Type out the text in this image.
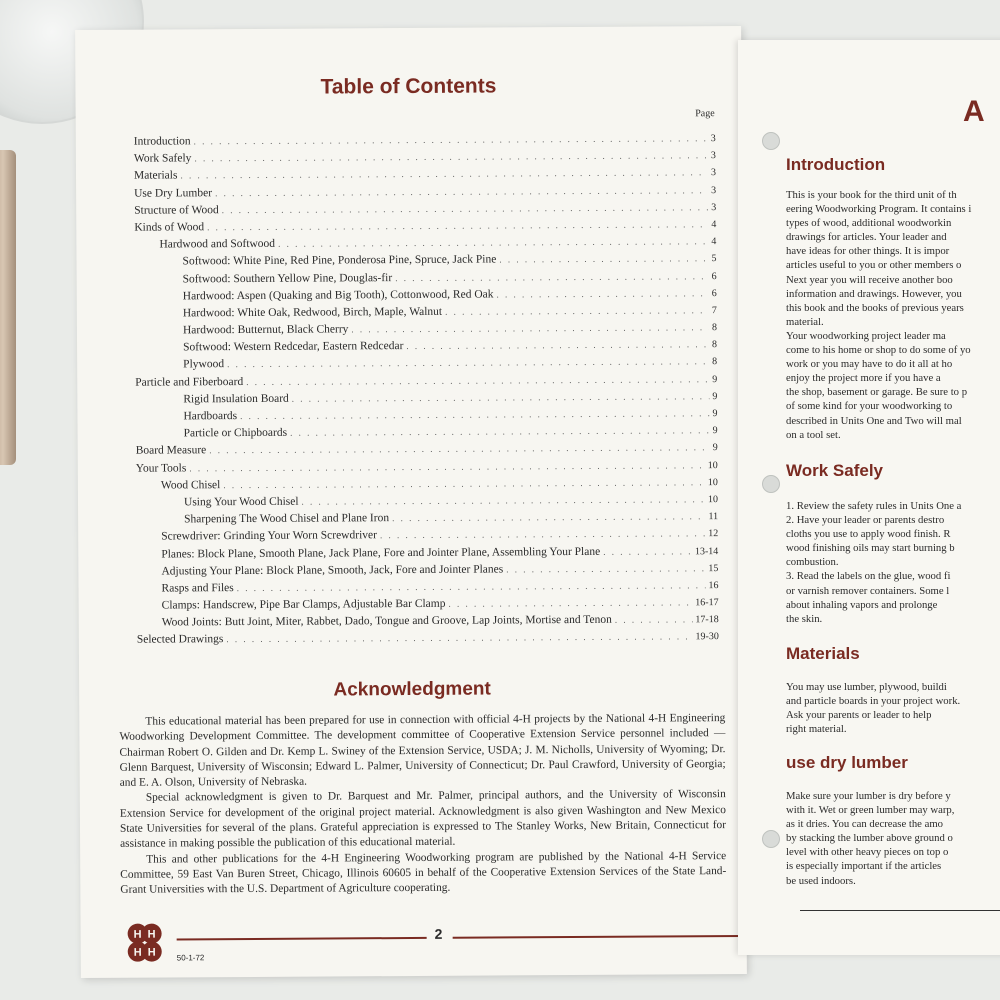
Table of Contents
Page
Introduction . . .	3
Work Safely . . .	3
Materials . . .	3
Use Dry Lumber . . .	3
Structure of Wood . . .	3
Kinds of Wood . . .	4
Hardwood and Softwood . . .	4
Softwood: White Pine, Red Pine, Ponderosa Pine, Spruce, Jack Pine . . .	5
Softwood: Southern Yellow Pine, Douglas-fir . . .	6
Hardwood: Aspen (Quaking and Big Tooth), Cottonwood, Red Oak . . .	6
Hardwood: White Oak, Redwood, Birch, Maple, Walnut . . .	7
Hardwood: Butternut, Black Cherry . . .	8
Softwood: Western Redcedar, Eastern Redcedar . . .	8
Plywood . . .	8
Particle and Fiberboard . . .	9
Rigid Insulation Board . . .	9
Hardboards . . .	9
Particle or Chipboards . . .	9
Board Measure . . .	9
Your Tools . . .	10
Wood Chisel . . .	10
Using Your Wood Chisel . . .	10
Sharpening The Wood Chisel and Plane Iron . . .	11
Screwdriver: Grinding Your Worn Screwdriver . . .	12
Planes: Block Plane, Smooth Plane, Jack Plane, Fore and Jointer Plane, Assembling Your Plane . . .	13-14
Adjusting Your Plane: Block Plane, Smooth, Jack, Fore and Jointer Planes . . .	15
Rasps and Files . . .	16
Clamps: Handscrew, Pipe Bar Clamps, Adjustable Bar Clamp . . .	16-17
Wood Joints: Butt Joint, Miter, Rabbet, Dado, Tongue and Groove, Lap Joints, Mortise and Tenon . . .	17-18
Selected Drawings . . .	19-30
Acknowledgment

This educational material has been prepared for use in connection with official 4-H projects by the National 4-H Engineering Woodworking Development Committee. The development committee of Cooperative Extension Service personnel included — Chairman Robert O. Gilden and Dr. Kemp L. Swiney of the Extension Service, USDA; J. M. Nicholls, University of Wyoming; Dr. Glenn Barquest, University of Wisconsin; Edward L. Palmer, University of Connecticut; Dr. Paul Crawford, University of Georgia; and E. A. Olson, University of Nebraska.

Special acknowledgment is given to Dr. Barquest and Mr. Palmer, principal authors, and the University of Wisconsin Extension Service for development of the original project material. Acknowledgment is also given Washington and New Mexico State Universities for several of the plans. Grateful appreciation is expressed to The Stanley Works, New Britain, Connecticut for assistance in making possible the publication of this educational material.

This and other publications for the 4-H Engineering Woodworking program are published by the National 4-H Service Committee, 59 East Van Buren Street, Chicago, Illinois 60605 in behalf of the Cooperative Extension Services of the State Land-Grant Universities with the U.S. Department of Agriculture cooperating.

H H
H H	50-1-72
2
A
Introduction
This is your book for the third unit of th
eering Woodworking Program. It contains i
types of wood, additional woodworkin
drawings for articles. Your leader and
have ideas for other things. It is impor
articles useful to you or other members o
Next year you will receive another boo
information and drawings. However, you
this book and the books of previous years
material.
Your woodworking project leader ma
come to his home or shop to do some of yo
work or you may have to do it all at ho
enjoy the project more if you have a
the shop, basement or garage. Be sure to p
of some kind for your woodworking to
described in Units One and Two will mal
on a tool set.
Work Safely
1. Review the safety rules in Units One a
2. Have your leader or parents destro
cloths you use to apply wood finish. R
wood finishing oils may start burning b
combustion.
3. Read the labels on the glue, wood fi
or varnish remover containers. Some l
about inhaling vapors and prolonge
the skin.
Materials
You may use lumber, plywood, buildi
and particle boards in your project work.
Ask your parents or leader to help
right material.
use dry lumber
Make sure your lumber is dry before y
with it. Wet or green lumber may warp,
as it dries. You can decrease the amo
by stacking the lumber above ground o
level with other heavy pieces on top o
is especially important if the articles
be used indoors.
